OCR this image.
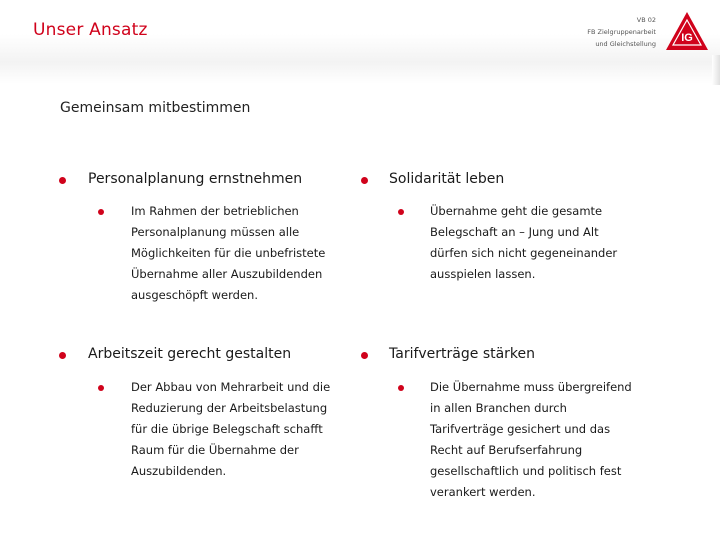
Unser Ansatz	VB 02
FB Zielgruppenarbeit
und Gleichstellung IG
Gemeinsam mitbestimmen
Personalplanung ernstnehmen
Im Rahmen der betrieblichen Personalplanung müssen alle Möglichkeiten für die unbefristete Übernahme aller Auszubildenden ausgeschöpft werden.
Solidarität leben
Übernahme geht die gesamte Belegschaft an – Jung und Alt dürfen sich nicht gegeneinander ausspielen lassen.
Arbeitszeit gerecht gestalten
Der Abbau von Mehrarbeit und die Reduzierung der Arbeitsbelastung für die übrige Belegschaft schafft Raum für die Übernahme der Auszubildenden.
Tarifverträge stärken
Die Übernahme muss übergreifend in allen Branchen durch Tarifverträge gesichert und das Recht auf Berufserfahrung gesellschaftlich und politisch fest verankert werden.
